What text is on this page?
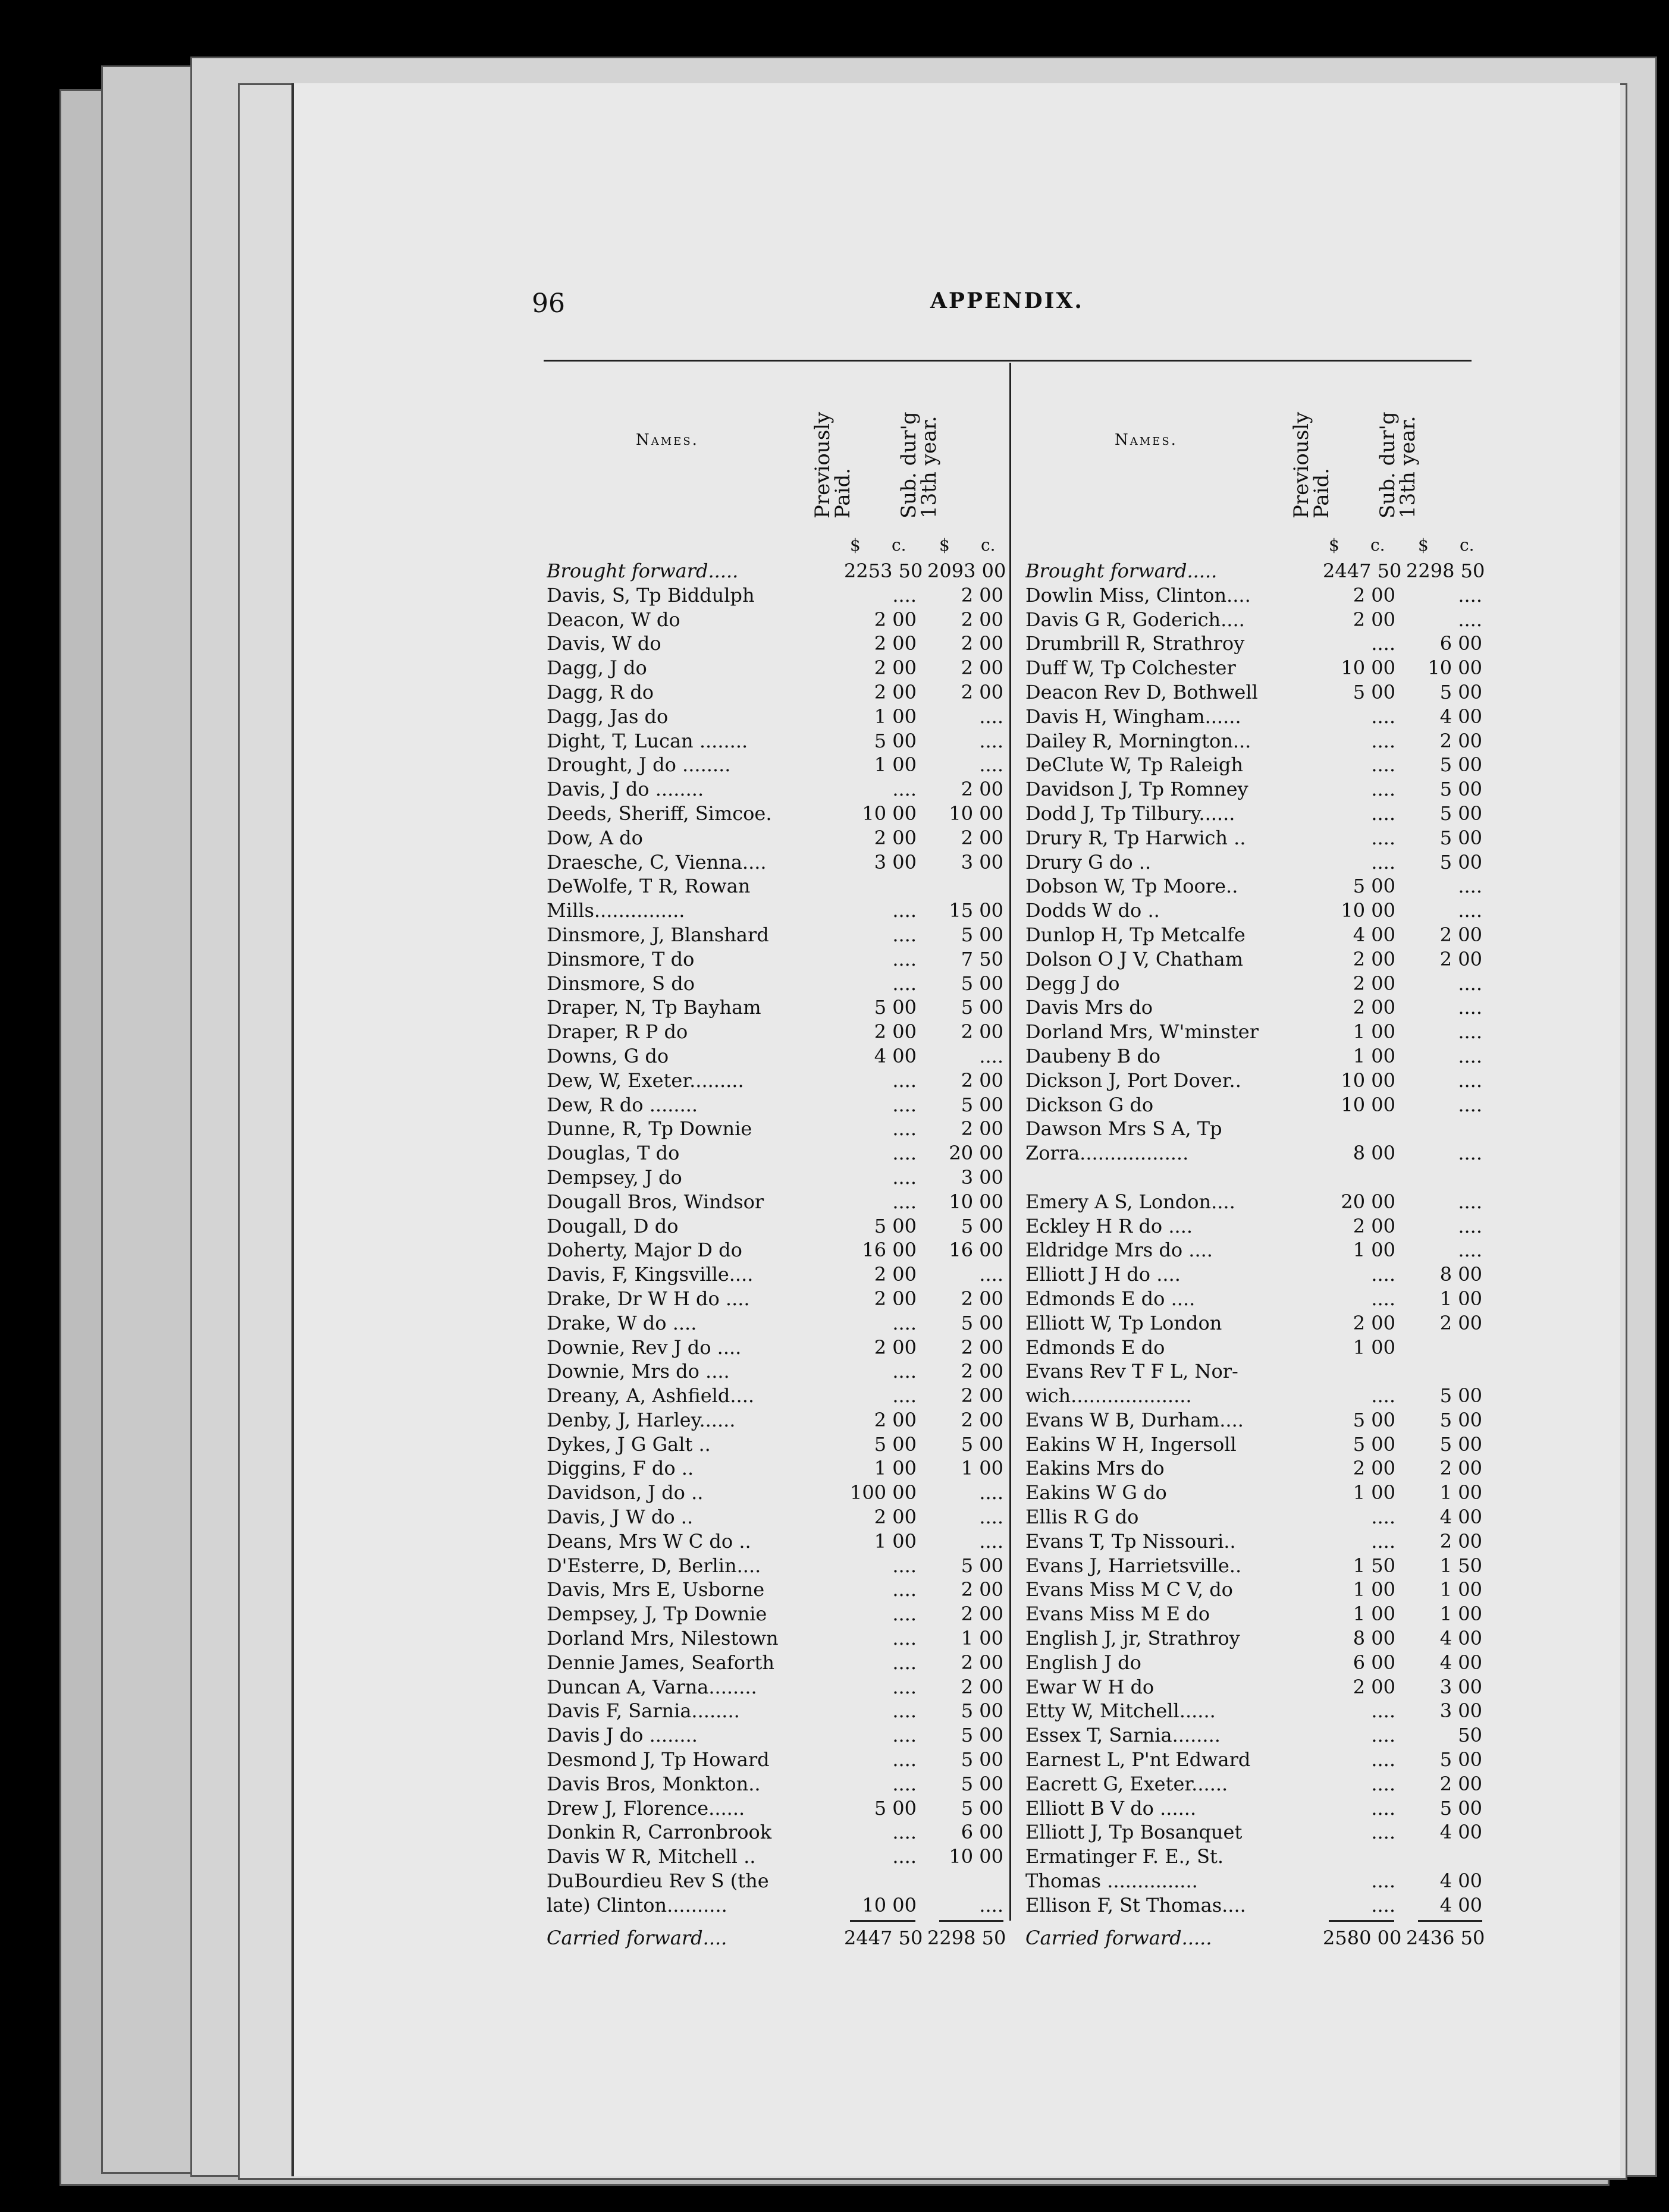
96	APPENDIX.
Names.	Previously
Paid. Sub. dur'g
13th year.
$ c. $ c.
Brought forward.....	2253 50 2093 00
Davis, S, Tp Biddulph	....	2 00
Deacon, W do	2 00	2 00
Davis, W do	2 00	2 00
Dagg, J do	2 00	2 00
Dagg, R do	2 00	2 00
Dagg, Jas do	1 00	....
Dight, T, Lucan ........	5 00	....
Drought, J do ........	1 00	....
Davis, J do ........	....	2 00
Deeds, Sheriff, Simcoe.	10 00	10 00
Dow, A do	2 00	2 00
Draesche, C, Vienna....	3 00	3 00
DeWolfe, T R, Rowan
Mills...............	....	15 00
Dinsmore, J, Blanshard	....	5 00
Dinsmore, T do	....	7 50
Dinsmore, S do	....	5 00
Draper, N, Tp Bayham	5 00	5 00
Draper, R P do	2 00	2 00
Downs, G do	4 00	....
Dew, W, Exeter.........	....	2 00
Dew, R do ........	....	5 00
Dunne, R, Tp Downie	....	2 00
Douglas, T do	....	20 00
Dempsey, J do	....	3 00
Dougall Bros, Windsor	....	10 00
Dougall, D do	5 00	5 00
Doherty, Major D do	16 00	16 00
Davis, F, Kingsville....	2 00	....
Drake, Dr W H do ....	2 00	2 00
Drake, W do ....	....	5 00
Downie, Rev J do ....	2 00	2 00
Downie, Mrs do ....	....	2 00
Dreany, A, Ashfield....	....	2 00
Denby, J, Harley......	2 00	2 00
Dykes, J G Galt ..	5 00	5 00
Diggins, F do ..	1 00	1 00
Davidson, J do ..	100 00	....
Davis, J W do ..	2 00	....
Deans, Mrs W C do ..	1 00	....
D'Esterre, D, Berlin....	....	5 00
Davis, Mrs E, Usborne	....	2 00
Dempsey, J, Tp Downie	....	2 00
Dorland Mrs, Nilestown	....	1 00
Dennie James, Seaforth	....	2 00
Duncan A, Varna........	....	2 00
Davis F, Sarnia........	....	5 00
Davis J do ........	....	5 00
Desmond J, Tp Howard	....	5 00
Davis Bros, Monkton..	....	5 00
Drew J, Florence......	5 00	5 00
Donkin R, Carronbrook	....	6 00
Davis W R, Mitchell ..	....	10 00
DuBourdieu Rev S (the
late) Clinton..........	10 00	....
Carried forward....	2447 50 2298 50
Names.	Previously
Paid. Sub. dur'g
13th year.
$ c. $ c.
Brought forward.....	2447 50 2298 50
Dowlin Miss, Clinton....	2 00	....
Davis G R, Goderich....	2 00	....
Drumbrill R, Strathroy	....	6 00
Duff W, Tp Colchester	10 00	10 00
Deacon Rev D, Bothwell	5 00	5 00
Davis H, Wingham......	....	4 00
Dailey R, Mornington...	....	2 00
DeClute W, Tp Raleigh	....	5 00
Davidson J, Tp Romney	....	5 00
Dodd J, Tp Tilbury......	....	5 00
Drury R, Tp Harwich ..	....	5 00
Drury G do ..	....	5 00
Dobson W, Tp Moore..	5 00	....
Dodds W do ..	10 00	....
Dunlop H, Tp Metcalfe	4 00	2 00
Dolson O J V, Chatham	2 00	2 00
Degg J do	2 00	....
Davis Mrs do	2 00	....
Dorland Mrs, W'minster	1 00	....
Daubeny B do	1 00	....
Dickson J, Port Dover..	10 00	....
Dickson G do	10 00	....
Dawson Mrs S A, Tp
Zorra..................	8 00	....
Emery A S, London....	20 00	....
Eckley H R do ....	2 00	....
Eldridge Mrs do ....	1 00	....
Elliott J H do ....	....	8 00
Edmonds E do ....	....	1 00
Elliott W, Tp London	2 00	2 00
Edmonds E do	1 00
Evans Rev T F L, Nor-
wich....................	....	5 00
Evans W B, Durham....	5 00	5 00
Eakins W H, Ingersoll	5 00	5 00
Eakins Mrs do	2 00	2 00
Eakins W G do	1 00	1 00
Ellis R G do	....	4 00
Evans T, Tp Nissouri..	....	2 00
Evans J, Harrietsville..	1 50	1 50
Evans Miss M C V, do	1 00	1 00
Evans Miss M E do	1 00	1 00
English J, jr, Strathroy	8 00	4 00
English J do	6 00	4 00
Ewar W H do	2 00	3 00
Etty W, Mitchell......	....	3 00
Essex T, Sarnia........	....	50
Earnest L, P'nt Edward	....	5 00
Eacrett G, Exeter......	....	2 00
Elliott B V do ......	....	5 00
Elliott J, Tp Bosanquet	....	4 00
Ermatinger F. E., St.
Thomas ...............	....	4 00
Ellison F, St Thomas....	....	4 00
Carried forward.....	2580 00 2436 50
